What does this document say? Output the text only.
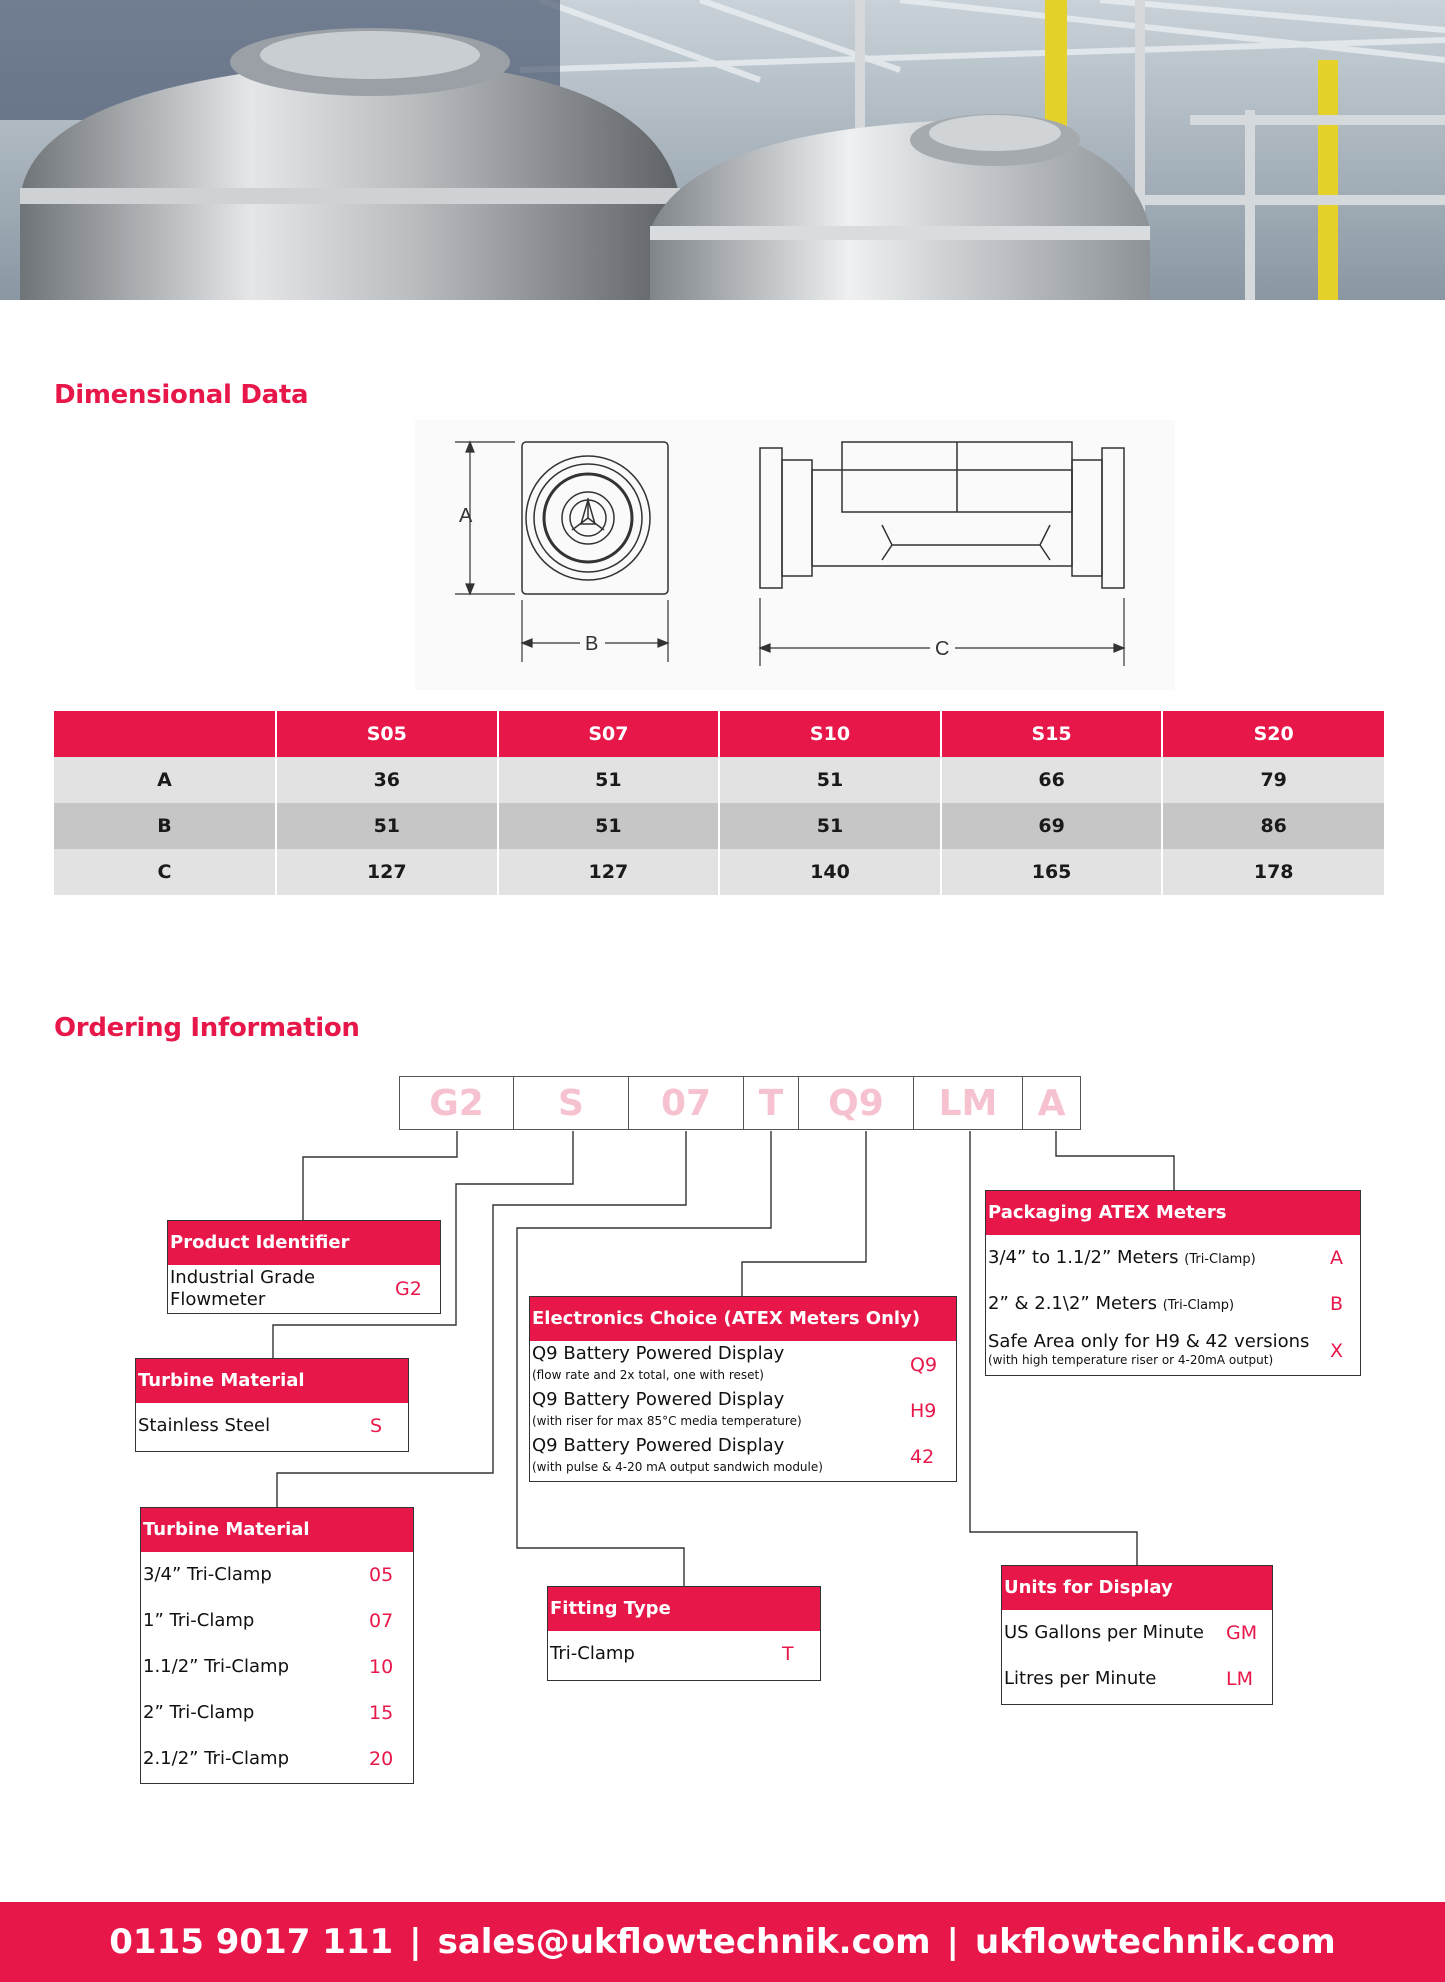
Dimensional Data
A
B	C
	S05	S07	S10	S15	S20
A	36	51	51	66	79
B	51	51	51	69	86
C	127	127	140	165	178
Ordering Information
G2	S	07	T	Q9	LM	A
Product Identifier
Industrial Grade
Flowmeter	G2
Turbine Material
Stainless Steel	S
Turbine Material
3/4” Tri-Clamp	05
1” Tri-Clamp	07
1.1/2” Tri-Clamp	10
2” Tri-Clamp	15
2.1/2” Tri-Clamp	20
Electronics Choice (ATEX Meters Only)
Q9 Battery Powered Display
(flow rate and 2x total, one with reset)	Q9
Q9 Battery Powered Display
(with riser for max 85°C media temperature)	H9
Q9 Battery Powered Display
(with pulse & 4-20 mA output sandwich module)	42
Fitting Type
Tri-Clamp	T
Packaging ATEX Meters
3/4” to 1.1/2” Meters (Tri-Clamp)	A
2” & 2.1\2” Meters (Tri-Clamp)	B
Safe Area only for H9 & 42 versions
(with high temperature riser or 4-20mA output)	X
Units for Display
US Gallons per Minute GM
Litres per Minute	LM
0115 9017 111 | sales@ukflowtechnik.com | ukflowtechnik.com
